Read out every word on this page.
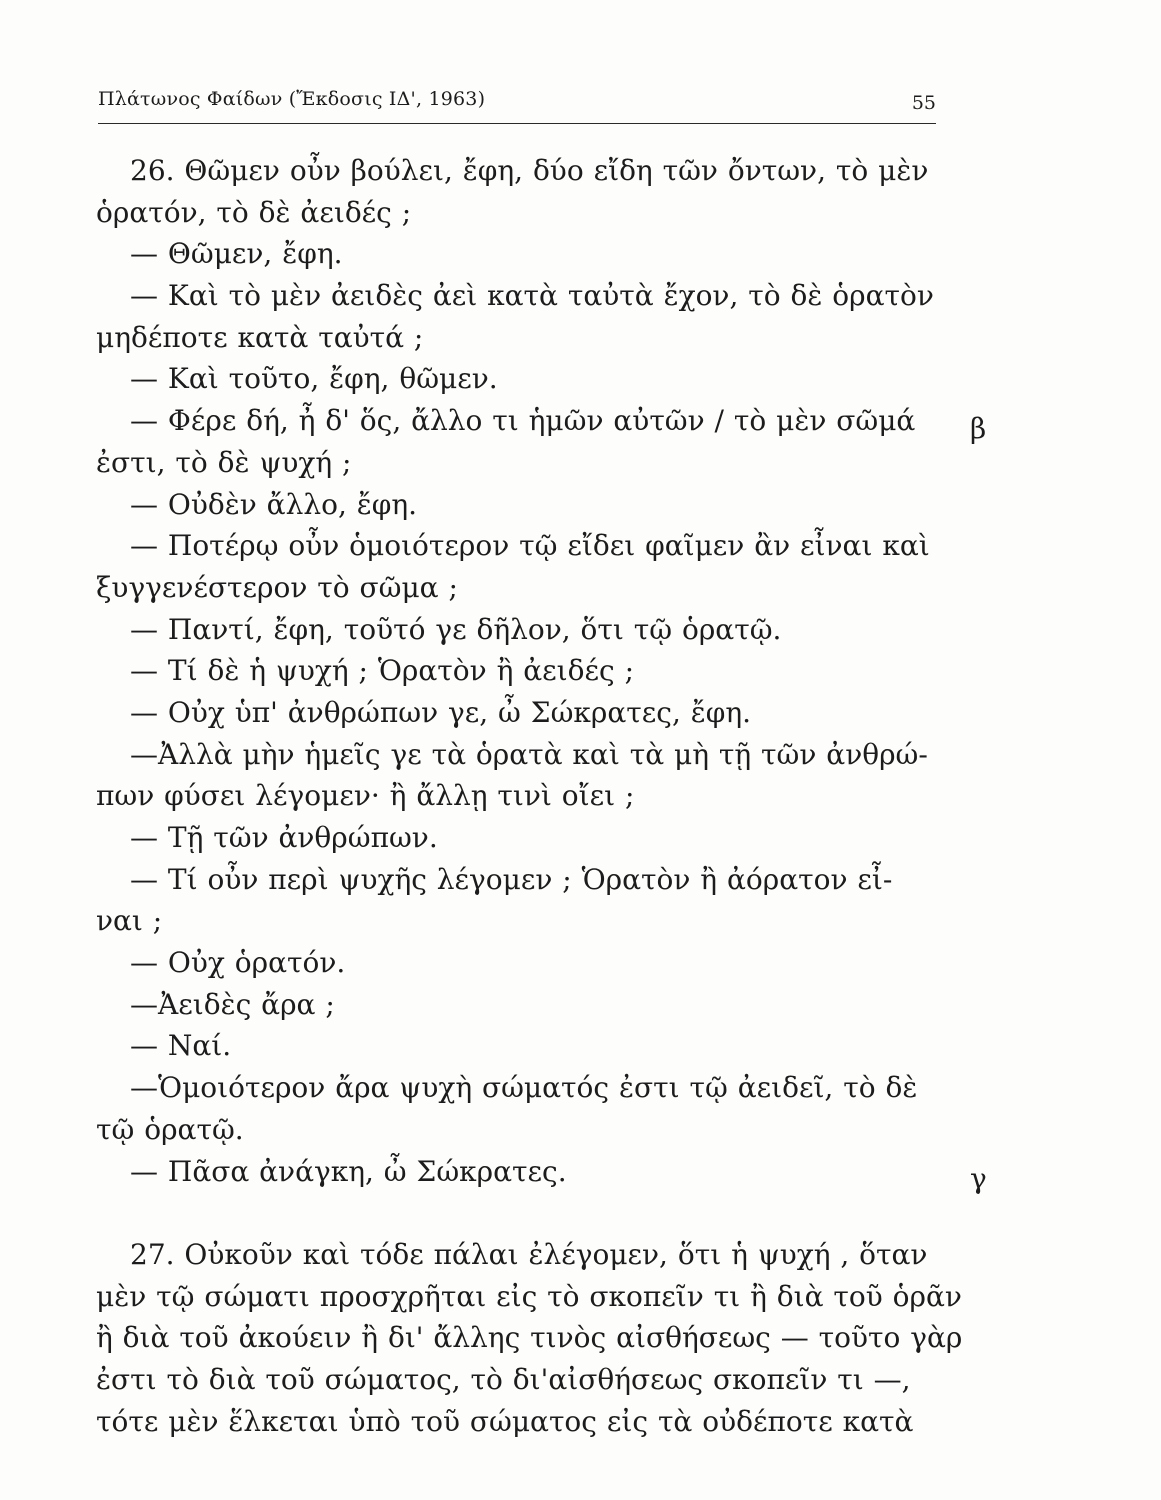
Πλάτωνος Φαίδων (Ἔκδοσις ΙΔ', 1963)	55
26. Θῶμεν οὖν βούλει, ἔφη, δύο εἴδη τῶν ὄντων, τὸ μὲν
ὁρατόν, τὸ δὲ ἀειδές ;
— Θῶμεν, ἔφη.
— Καὶ τὸ μὲν ἀειδὲς ἀεὶ κατὰ ταὐτὰ ἔχον, τὸ δὲ ὁρατὸν
μηδέποτε κατὰ ταὐτά ;
— Καὶ τοῦτο, ἔφη, θῶμεν.
— Φέρε δή, ἦ δ' ὅς, ἄλλο τι ἡμῶν αὐτῶν / τὸ μὲν σῶμά
ἐστι, τὸ δὲ ψυχή ;
— Οὐδὲν ἄλλο, ἔφη.
— Ποτέρῳ οὖν ὁμοιότερον τῷ εἴδει φαῖμεν ἂν εἶναι καὶ
ξυγγενέστερον τὸ σῶμα ;
— Παντί, ἔφη, τοῦτό γε δῆλον, ὅτι τῷ ὁρατῷ.
— Τί δὲ ἡ ψυχή ; Ὁρατὸν ἢ ἀειδές ;
— Οὐχ ὑπ' ἀνθρώπων γε, ὦ Σώκρατες, ἔφη.
—Ἀλλὰ μὴν ἡμεῖς γε τὰ ὁρατὰ καὶ τὰ μὴ τῇ τῶν ἀνθρώ-
πων φύσει λέγομεν· ἢ ἄλλῃ τινὶ οἴει ;
— Τῇ τῶν ἀνθρώπων.
— Τί οὖν περὶ ψυχῆς λέγομεν ; Ὁρατὸν ἢ ἀόρατον εἶ-
ναι ;
— Οὐχ ὁρατόν.
—Ἀειδὲς ἄρα ;
— Ναί.
—Ὁμοιότερον ἄρα ψυχὴ σώματός ἐστι τῷ ἀειδεῖ, τὸ δὲ
τῷ ὁρατῷ.
— Πᾶσα ἀνάγκη, ὦ Σώκρατες.
27. Οὐκοῦν καὶ τόδε πάλαι ἐλέγομεν, ὅτι ἡ ψυχή , ὅταν
μὲν τῷ σώματι προσχρῆται εἰς τὸ σκοπεῖν τι ἢ διὰ τοῦ ὁρᾶν
ἢ διὰ τοῦ ἀκούειν ἢ δι' ἄλλης τινὸς αἰσθήσεως — τοῦτο γὰρ
ἐστι τὸ διὰ τοῦ σώματος, τὸ δι'αἰσθήσεως σκοπεῖν τι —,
τότε μὲν ἕλκεται ὑπὸ τοῦ σώματος εἰς τὰ οὐδέποτε κατὰ
β
γ
